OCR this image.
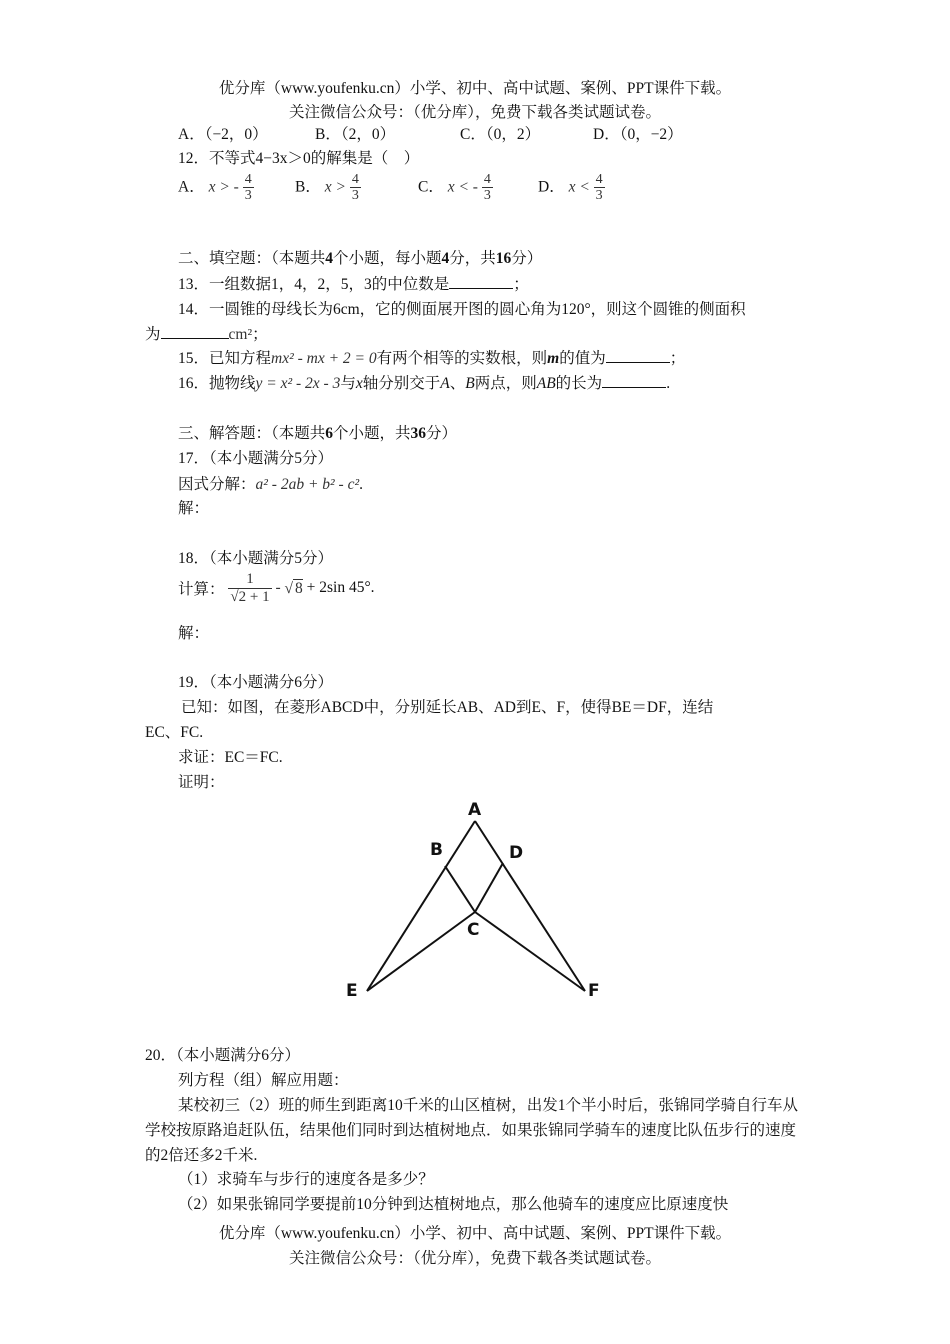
优分库（www.youfenku.cn）小学、初中、高中试题、案例、PPT课件下载。
关注微信公众号：（优分库），免费下载各类试题试卷。
A．（−2，0）	B．（2，0）	C．（0，2）	D．（0，−2）
12．不等式4−3x＞0的解集是（　）
A． x > - $\frac{4}{3}$	B． $x > \frac{4}{3}$	C． x < - $\frac{4}{3}$	D． $x < \frac{4}{3}$
二、填空题：（本题共4个小题，每小题4分，共16分）
13．一组数据1，4，2，5，3的中位数是	；
14．一圆锥的母线长为6cm，它的侧面展开图的圆心角为120°，则这个圆锥的侧面积
为	cm²；
15．已知方程mx² - mx + 2 = 0有两个相等的实数根，则m的值为	；
16．抛物线y = x² - 2x - 3与x轴分别交于A、B两点，则AB的长为	.
三、解答题：（本题共6个小题，共36分）
17．（本小题满分5分）
因式分解：a² - 2ab + b² - c².
解：
18．（本小题满分5分）
计算： $\frac{1}{√2 + 1}$ - √ 8 + 2sin 45°.
解：
19．（本小题满分6分）
已知：如图，在菱形ABCD中，分别延长AB、AD到E、F，使得BE＝DF，连结
EC、FC.
求证：EC＝FC.
证明：
A
B	D
C
E	F
20．（本小题满分6分）
列方程（组）解应用题：
某校初三（2）班的师生到距离10千米的山区植树，出发1个半小时后，张锦同学骑自行车从学校按原路追赶队伍，结果他们同时到达植树地点．如果张锦同学骑车的速度比队伍步行的速度的2倍还多2千米.
（1）求骑车与步行的速度各是多少？
（2）如果张锦同学要提前10分钟到达植树地点，那么他骑车的速度应比原速度快
优分库（www.youfenku.cn）小学、初中、高中试题、案例、PPT课件下载。
关注微信公众号：（优分库），免费下载各类试题试卷。
